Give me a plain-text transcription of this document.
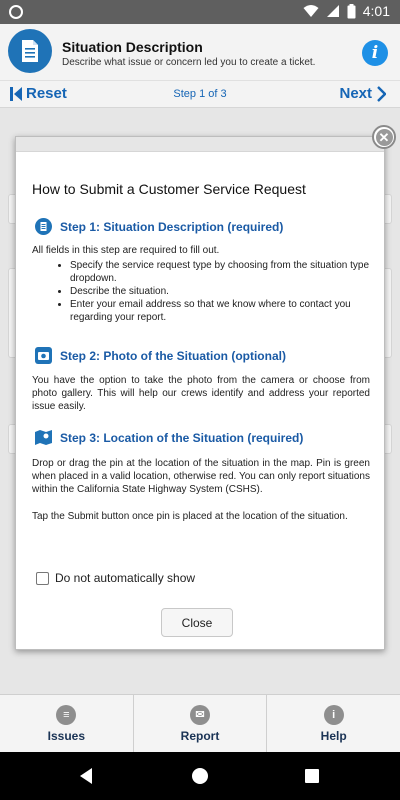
4:01
Situation Description
Describe what issue or concern led you to create a ticket.	i
Reset	Step 1 of 3	Next
How to Submit a Customer Service Request
Step 1: Situation Description (required)
All fields in this step are required to fill out.
• Specify the service request type by choosing from the situation type dropdown.
• Describe the situation.
• Enter your email address so that we know where to contact you regarding your report.
Step 2: Photo of the Situation (optional)
You have the option to take the photo from the camera or choose from photo gallery. This will help our crews identify and address your reported issue easily.
Step 3: Location of the Situation (required)
Drop or drag the pin at the location of the situation in the map. Pin is green when placed in a valid location, otherwise red. You can only report situations within the California State Highway System (CSHS).
Tap the Submit button once pin is placed at the location of the situation.
Do not automatically show
Close
✕
≡
Issues
✉
Report
i
Help
